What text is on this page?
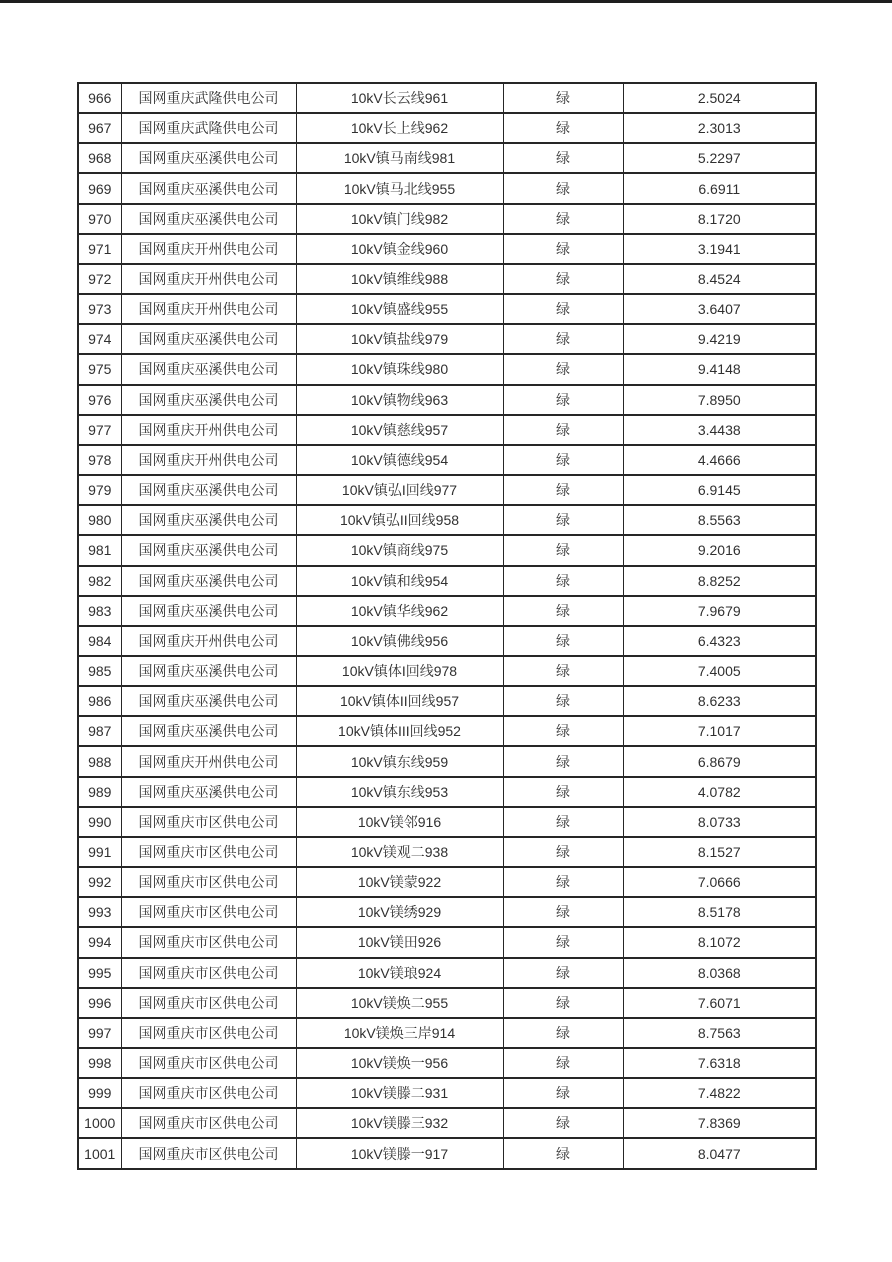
966	国网重庆武隆供电公司	10kV长云线961	绿	2.5024
967	国网重庆武隆供电公司	10kV长上线962	绿	2.3013
968	国网重庆巫溪供电公司	10kV镇马南线981	绿	5.2297
969	国网重庆巫溪供电公司	10kV镇马北线955	绿	6.6911
970	国网重庆巫溪供电公司	10kV镇门线982	绿	8.1720
971	国网重庆开州供电公司	10kV镇金线960	绿	3.1941
972	国网重庆开州供电公司	10kV镇维线988	绿	8.4524
973	国网重庆开州供电公司	10kV镇盛线955	绿	3.6407
974	国网重庆巫溪供电公司	10kV镇盐线979	绿	9.4219
975	国网重庆巫溪供电公司	10kV镇珠线980	绿	9.4148
976	国网重庆巫溪供电公司	10kV镇物线963	绿	7.8950
977	国网重庆开州供电公司	10kV镇慈线957	绿	3.4438
978	国网重庆开州供电公司	10kV镇德线954	绿	4.4666
979	国网重庆巫溪供电公司	10kV镇弘I回线977	绿	6.9145
980	国网重庆巫溪供电公司	10kV镇弘II回线958	绿	8.5563
981	国网重庆巫溪供电公司	10kV镇商线975	绿	9.2016
982	国网重庆巫溪供电公司	10kV镇和线954	绿	8.8252
983	国网重庆巫溪供电公司	10kV镇华线962	绿	7.9679
984	国网重庆开州供电公司	10kV镇佛线956	绿	6.4323
985	国网重庆巫溪供电公司	10kV镇体I回线978	绿	7.4005
986	国网重庆巫溪供电公司	10kV镇体II回线957	绿	8.6233
987	国网重庆巫溪供电公司	10kV镇体III回线952	绿	7.1017
988	国网重庆开州供电公司	10kV镇东线959	绿	6.8679
989	国网重庆巫溪供电公司	10kV镇东线953	绿	4.0782
990	国网重庆市区供电公司	10kV镁邻916	绿	8.0733
991	国网重庆市区供电公司	10kV镁观二938	绿	8.1527
992	国网重庆市区供电公司	10kV镁蒙922	绿	7.0666
993	国网重庆市区供电公司	10kV镁绣929	绿	8.5178
994	国网重庆市区供电公司	10kV镁田926	绿	8.1072
995	国网重庆市区供电公司	10kV镁琅924	绿	8.0368
996	国网重庆市区供电公司	10kV镁焕二955	绿	7.6071
997	国网重庆市区供电公司	10kV镁焕三岸914	绿	8.7563
998	国网重庆市区供电公司	10kV镁焕一956	绿	7.6318
999	国网重庆市区供电公司	10kV镁滕二931	绿	7.4822
1000	国网重庆市区供电公司	10kV镁滕三932	绿	7.8369
1001	国网重庆市区供电公司	10kV镁滕一917	绿	8.0477
